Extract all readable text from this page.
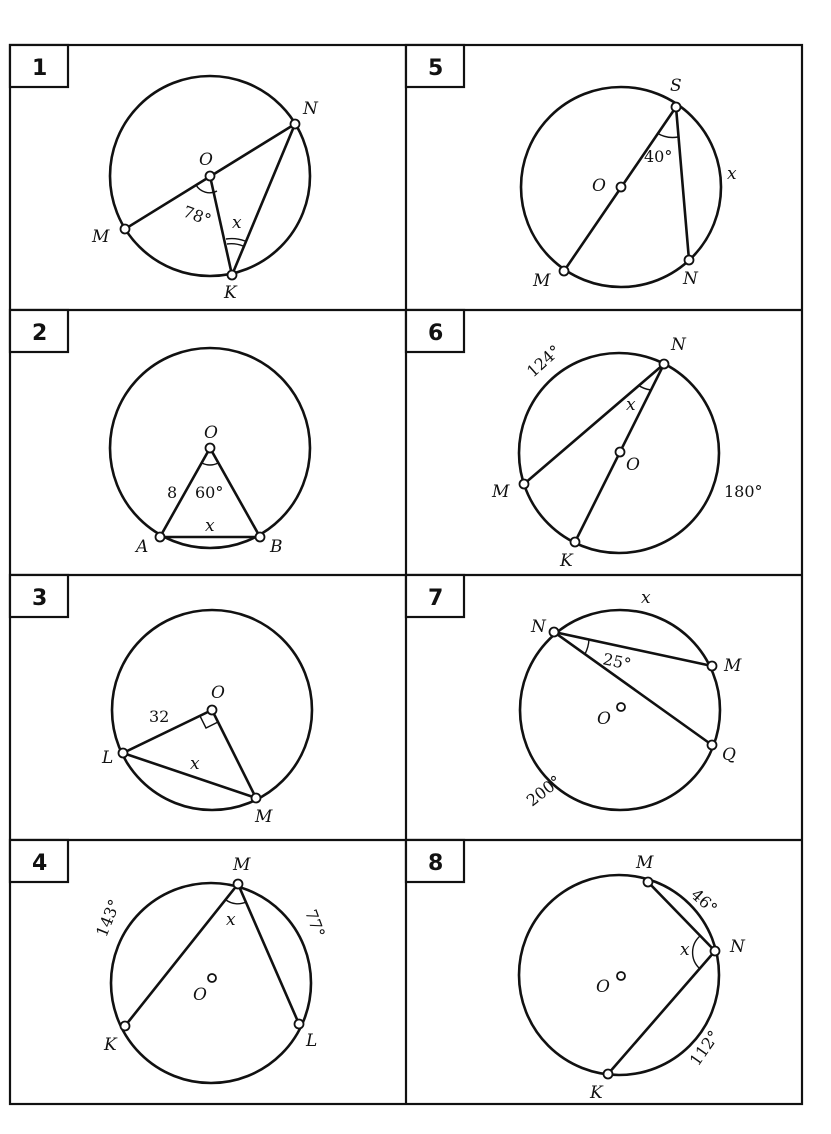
1
O
M
N
K
78° x
2
O
A	B
8 60°
x
3
O
L
M
32
x
4	M
K	L
O
143°	77°
x
5
S
O
M	N
40°
x
6	N
M
O
K
124°
180°
x
7
N
M
Q
O
25°
200°
x
8	M
N
K
O
46°
112°
x
